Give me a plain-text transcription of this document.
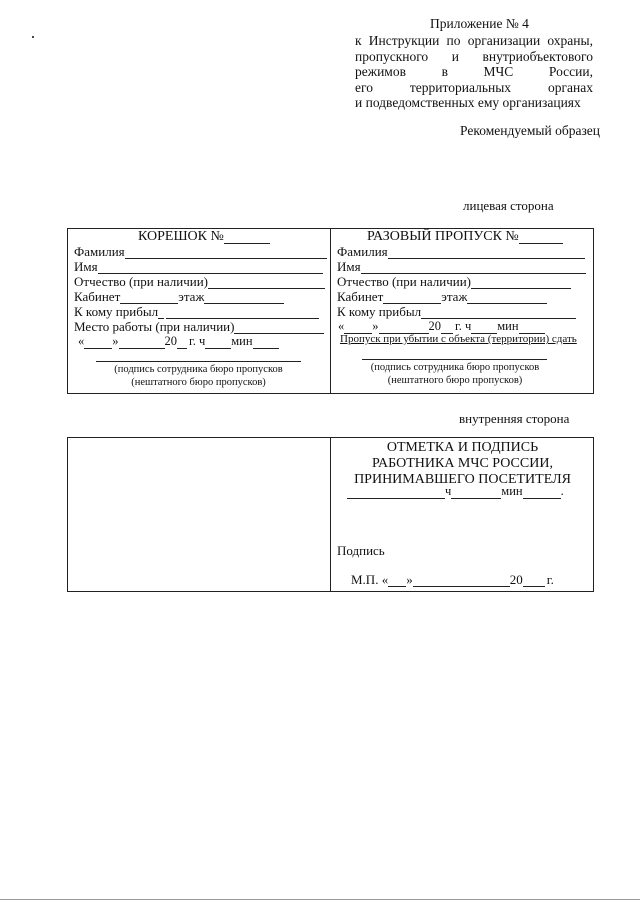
Приложение № 4
к Инструкции по организации охраны,
пропускного и внутриобъектового
режимов	в	МЧС	России,
его	территориальных	органах
и подведомственных ему организациях
Рекомендуемый образец
лицевая сторона
КОРЕШОК №
Фамилия
Имя
Отчество (при наличии)
Кабинет	этаж
К кому прибыл
Место работы (при наличии)
« »	20 г. ч мин
(подпись сотрудника бюро пропусков
(нештатного бюро пропусков)
РАЗОВЫЙ ПРОПУСК №
Фамилия
Имя
Отчество (при наличии)
Кабинет	этаж
К кому прибыл
« »	20 г. ч мин
Пропуск при убытии с объекта (территории) сдать
(подпись сотрудника бюро пропусков
(нештатного бюро пропусков)
внутренняя сторона
ОТМЕТКА И ПОДПИСЬ
РАБОТНИКА МЧС РОССИИ,
ПРИНИМАВШЕГО ПОСЕТИТЕЛЯ
ч	мин	.
Подпись
М.П. « »	20 г.
